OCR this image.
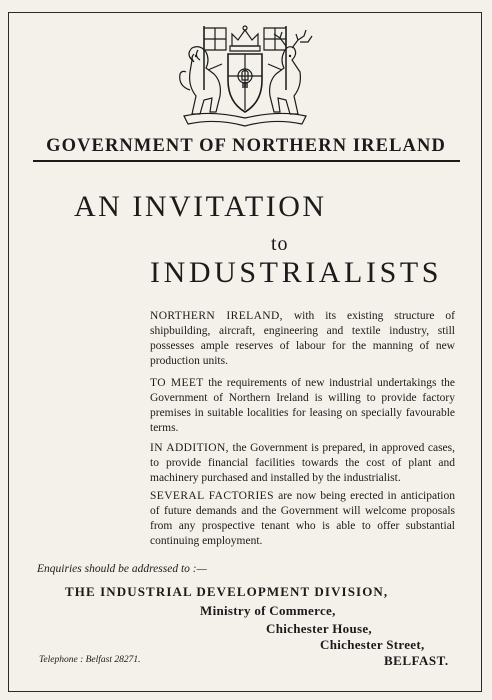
GOVERNMENT OF NORTHERN IRELAND
AN INVITATION
to
INDUSTRIALISTS
NORTHERN IRELAND, with its existing structure of shipbuilding, aircraft, engineering and textile industry, still possesses ample reserves of labour for the manning of new production units.
TO MEET the requirements of new industrial undertakings the Government of Northern Ireland is willing to provide factory premises in suitable localities for leasing on specially favourable terms.
IN ADDITION, the Government is prepared, in approved cases, to provide financial facilities towards the cost of plant and machinery purchased and installed by the industrialist.
SEVERAL FACTORIES are now being erected in anticipation of future demands and the Government will welcome proposals from any prospective tenant who is able to offer substantial continuing employment.
Enquiries should be addressed to :—
THE INDUSTRIAL DEVELOPMENT DIVISION,
Ministry of Commerce,
Chichester House,
Chichester Street,
Telephone : Belfast 28271.	BELFAST.
